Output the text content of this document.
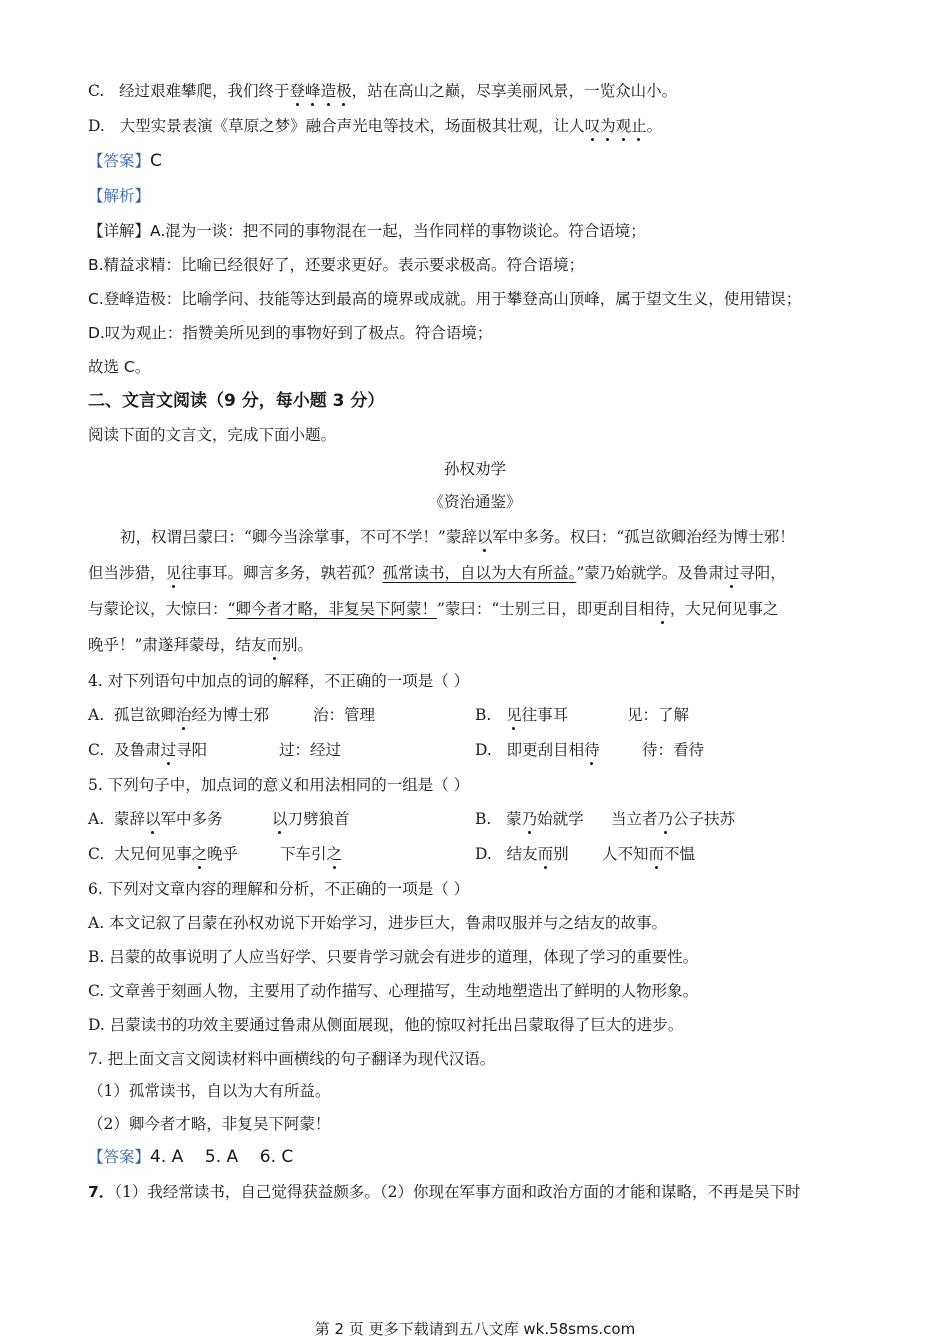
C. 经过艰难攀爬，我们终于登峰造极，站在高山之巅，尽享美丽风景，一览众山小。
D. 大型实景表演《草原之梦》融合声光电等技术，场面极其壮观，让人叹为观止。
【答案】C
【解析】
【详解】A.混为一谈：把不同的事物混在一起，当作同样的事物谈论。符合语境；
B.精益求精：比喻已经很好了，还要求更好。表示要求极高。符合语境；
C.登峰造极：比喻学问、技能等达到最高的境界或成就。用于攀登高山顶峰，属于望文生义，使用错误；
D.叹为观止：指赞美所见到的事物好到了极点。符合语境；
故选 C。
二、文言文阅读（9 分，每小题 3 分）
阅读下面的文言文，完成下面小题。
孙权劝学
《资治通鉴》
初，权谓吕蒙曰：“卿今当涂掌事，不可不学！”蒙辞以军中多务。权曰：“孤岂欲卿治经为博士邪！
但当涉猎，见往事耳。卿言多务，孰若孤？孤常读书，自以为大有所益。”蒙乃始就学。及鲁肃过寻阳，
与蒙论议，大惊曰：“卿今者才略，非复吴下阿蒙！”蒙曰：“士别三日，即更刮目相待，大兄何见事之
晚乎！”肃遂拜蒙母，结友而别。
4. 对下列语句中加点的词的解释，不正确的一项是（ ）
A. 孤岂欲卿治经为博士邪	治：管理	B. 见往事耳	见：了解
C. 及鲁肃过寻阳	过：经过	D. 即更刮目相待	待：看待
5. 下列句子中，加点词的意义和用法相同的一组是（ ）
A. 蒙辞以军中多务	以刀劈狼首	B. 蒙乃始就学 当立者乃公子扶苏
C. 大兄何见事之晚乎	下车引之	D. 结友而别 人不知而不愠
6. 下列对文章内容的理解和分析，不正确的一项是（ ）
A. 本文记叙了吕蒙在孙权劝说下开始学习，进步巨大，鲁肃叹服并与之结友的故事。
B. 吕蒙的故事说明了人应当好学、只要肯学习就会有进步的道理，体现了学习的重要性。
C. 文章善于刻画人物，主要用了动作描写、心理描写，生动地塑造出了鲜明的人物形象。
D. 吕蒙读书的功效主要通过鲁肃从侧面展现，他的惊叹衬托出吕蒙取得了巨大的进步。
7. 把上面文言文阅读材料中画横线的句子翻译为现代汉语。
（1）孤常读书，自以为大有所益。
（2）卿今者才略，非复吴下阿蒙！
【答案】4. A    5. A    6. C
7．（1）我经常读书，自己觉得获益颇多。（2）你现在军事方面和政治方面的才能和谋略，不再是吴下时
第 2 页 更多下载请到五八文库 wk.58sms.com
